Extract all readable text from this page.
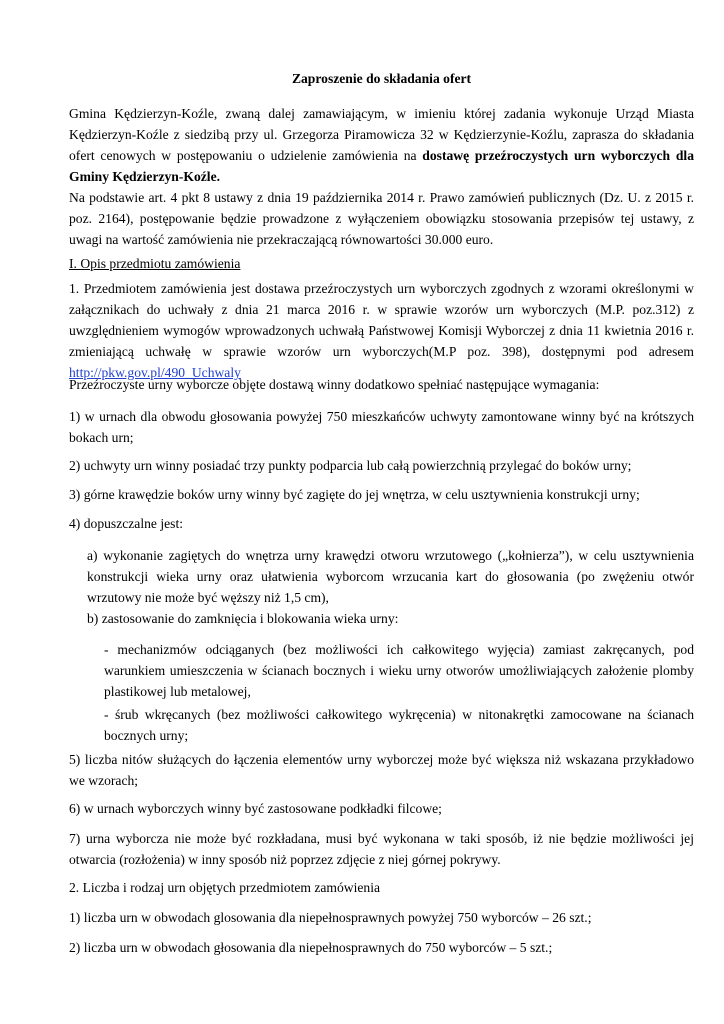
Zaproszenie do składania ofert

Gmina Kędzierzyn-Koźle, zwaną dalej zamawiającym, w imieniu której zadania wykonuje Urząd Miasta Kędzierzyn-Koźle z siedzibą przy ul. Grzegorza Piramowicza 32 w Kędzierzynie-Koźlu, zaprasza do składania ofert cenowych w postępowaniu o udzielenie zamówienia na dostawę przeźroczystych urn wyborczych dla Gminy Kędzierzyn-Koźle.

Na podstawie art. 4 pkt 8 ustawy z dnia 19 października 2014 r. Prawo zamówień publicznych (Dz. U. z 2015 r. poz. 2164), postępowanie będzie prowadzone z wyłączeniem obowiązku stosowania przepisów tej ustawy, z uwagi na wartość zamówienia nie przekraczającą równowartości 30.000 euro.

I. Opis przedmiotu zamówienia

1. Przedmiotem zamówienia jest dostawa przeźroczystych urn wyborczych zgodnych z wzorami określonymi w załącznikach do uchwały z dnia 21 marca 2016 r. w sprawie wzorów urn wyborczych (M.P. poz.312) z uwzględnieniem wymogów wprowadzonych uchwałą Państwowej Komisji Wyborczej z dnia 11 kwietnia 2016 r. zmieniającą uchwałę w sprawie wzorów urn wyborczych(M.P poz. 398), dostępnymi pod adresem http://pkw.gov.pl/490_Uchwaly

Przeźroczyste urny wyborcze objęte dostawą winny dodatkowo spełniać następujące wymagania:

1) w urnach dla obwodu głosowania powyżej 750 mieszkańców uchwyty zamontowane winny być na krótszych bokach urn;

2) uchwyty urn winny posiadać trzy punkty podparcia lub całą powierzchnią przylegać do boków urny;

3) górne krawędzie boków urny winny być zagięte do jej wnętrza, w celu usztywnienia konstrukcji urny;

4) dopuszczalne jest:

a) wykonanie zagiętych do wnętrza urny krawędzi otworu wrzutowego („kołnierza”), w celu usztywnienia konstrukcji wieka urny oraz ułatwienia wyborcom wrzucania kart do głosowania (po zwężeniu otwór wrzutowy nie może być węższy niż 1,5 cm),

b) zastosowanie do zamknięcia i blokowania wieka urny:

- mechanizmów odciąganych (bez możliwości ich całkowitego wyjęcia) zamiast zakręcanych, pod warunkiem umieszczenia w ścianach bocznych i wieku urny otworów umożliwiających założenie plomby plastikowej lub metalowej,

- śrub wkręcanych (bez możliwości całkowitego wykręcenia) w nitonakrętki zamocowane na ścianach bocznych urny;

5) liczba nitów służących do łączenia elementów urny wyborczej może być większa niż wskazana przykładowo we wzorach;

6) w urnach wyborczych winny być zastosowane podkładki filcowe;

7) urna wyborcza nie może być rozkładana, musi być wykonana w taki sposób, iż nie będzie możliwości jej otwarcia (rozłożenia) w inny sposób niż poprzez zdjęcie z niej górnej pokrywy.

2. Liczba i rodzaj urn objętych przedmiotem zamówienia

1) liczba urn w obwodach glosowania dla niepełnosprawnych powyżej 750 wyborców – 26 szt.;

2) liczba urn w obwodach głosowania dla niepełnosprawnych do 750 wyborców – 5 szt.;
